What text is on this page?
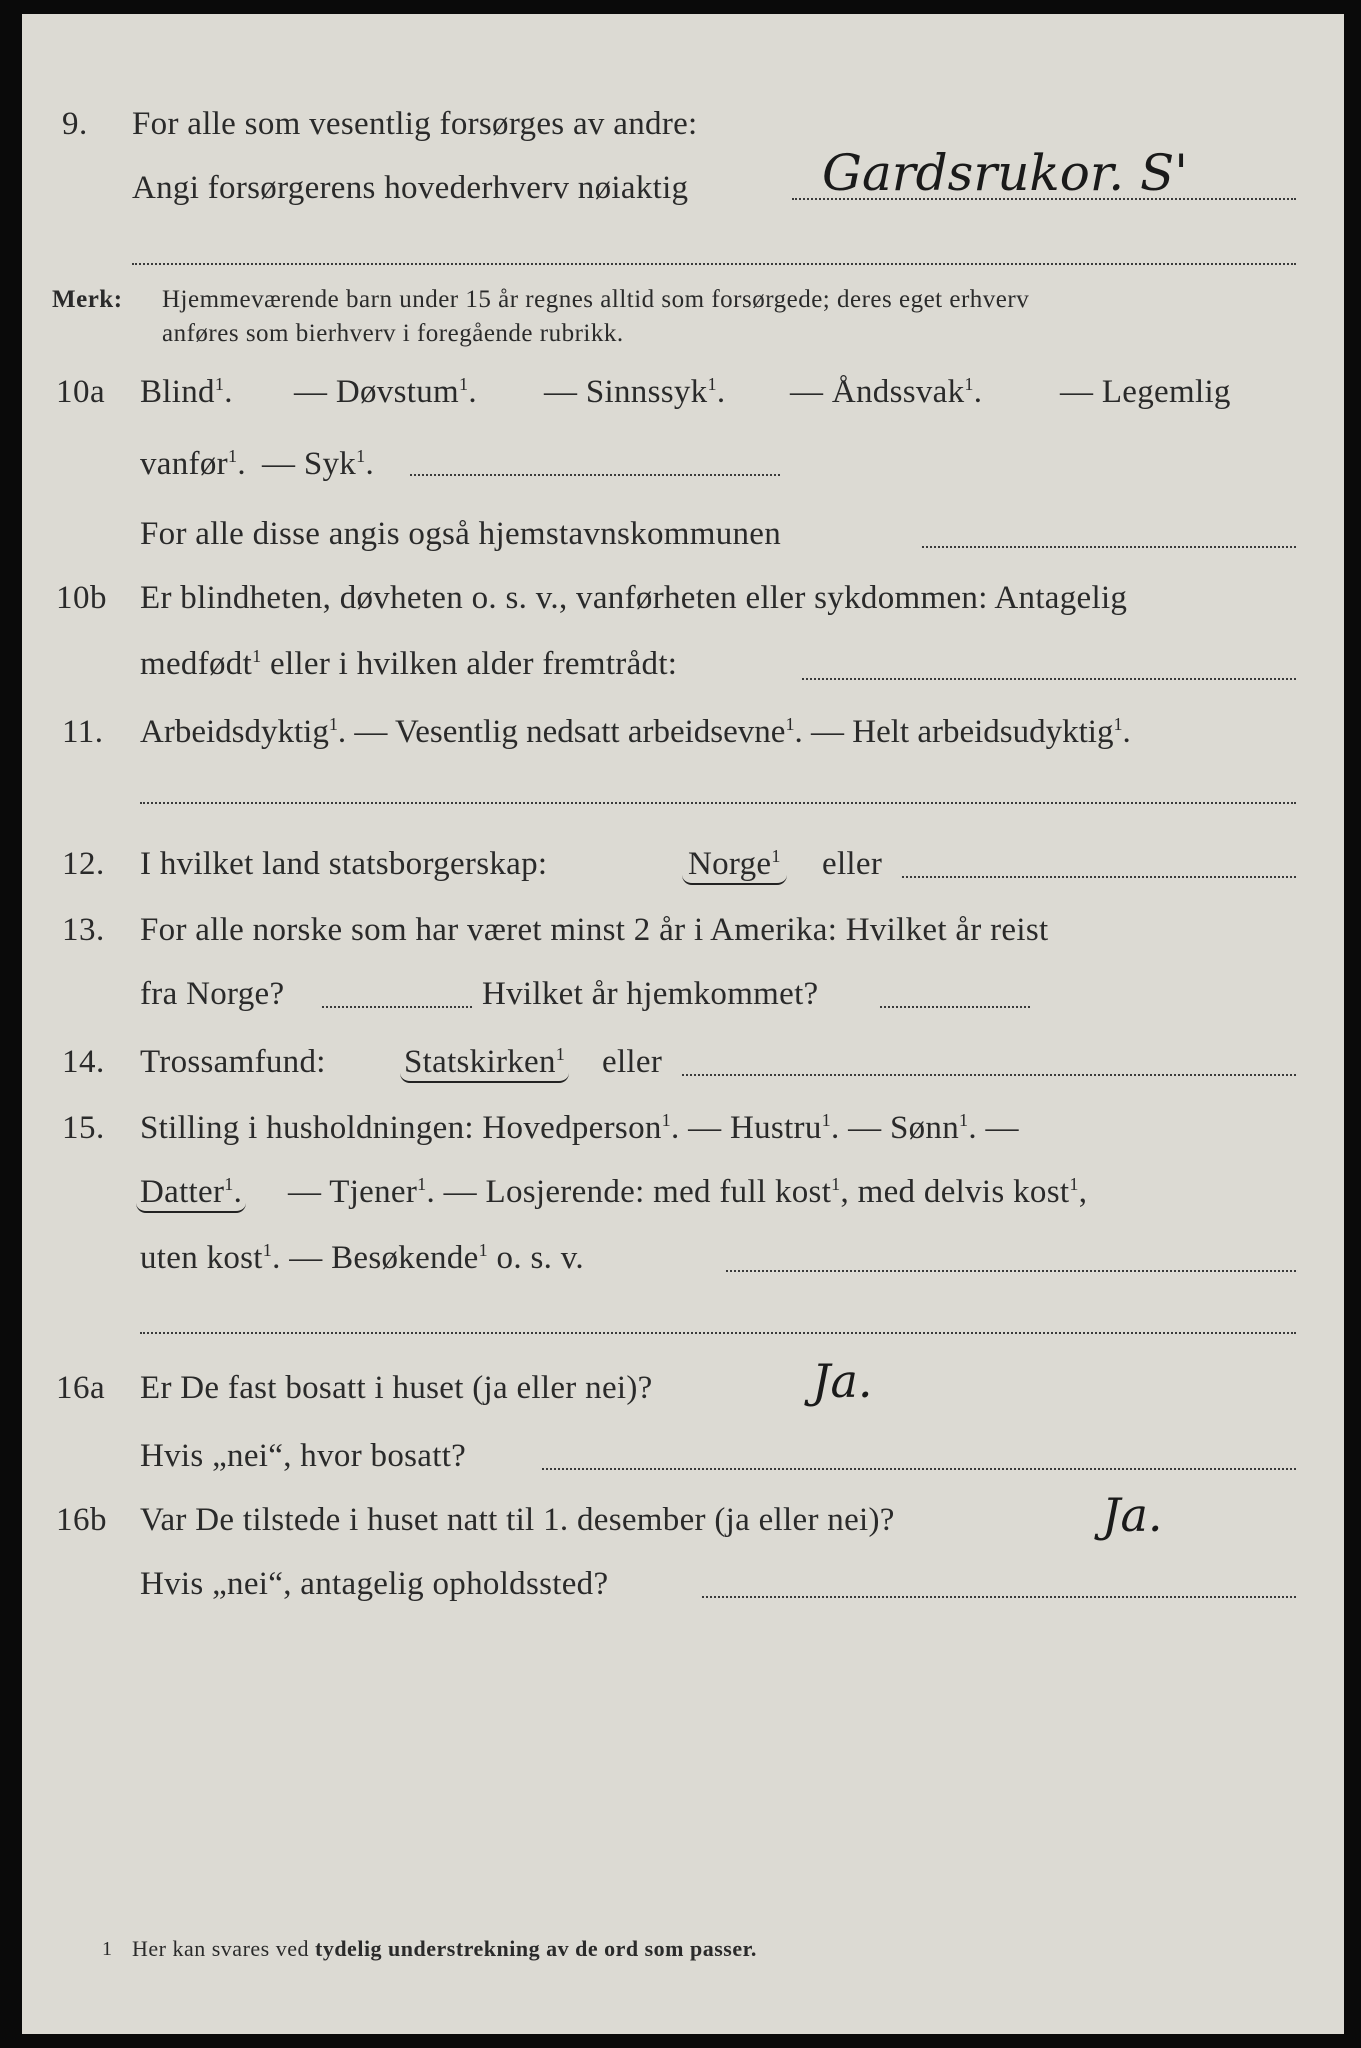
9. For alle som vesentlig forsørges av andre:
Angi forsørgerens hovederhverv nøiaktig	Gardsrukor. S'
Merk: Hjemmeværende barn under 15 år regnes alltid som forsørgede; deres eget erhverv
anføres som bierhverv i foregående rubrikk.
10a Blind$^1$. — Døvstum$^1$. — Sinnssyk$^1$. — Åndssvak$^1$. — Legemlig
vanfør$^1$. — Syk$^1$.
For alle disse angis også hjemstavnskommunen
10b Er blindheten, døvheten o. s. v., vanførheten eller sykdommen: Antagelig
medfødt$^1$ eller i hvilken alder fremtrådt:
11. Arbeidsdyktig$^1$. — Vesentlig nedsatt arbeidsevne$^1$. — Helt arbeidsudyktig$^1$.
12. I hvilket land statsborgerskap:	Norge$^1$ eller
13. For alle norske som har været minst 2 år i Amerika: Hvilket år reist
fra Norge?	Hvilket år hjemkommet?
14. Trossamfund: Statskirken$^1$ eller
15. Stilling i husholdningen: Hovedperson$^1$. — Hustru$^1$. — Sønn$^1$. —
Datter$^1$. — Tjener$^1$. — Losjerende: med full kost$^1$, med delvis kost$^1$,
uten kost$^1$. — Besøkende$^1$ o. s. v.
16a Er De fast bosatt i huset (ja eller nei)?	Ja.
Hvis „nei“, hvor bosatt?
16b Var De tilstede i huset natt til 1. desember (ja eller nei)?	Ja.
Hvis „nei“, antagelig opholdssted?
1 Her kan svares ved tydelig understrekning av de ord som passer.
